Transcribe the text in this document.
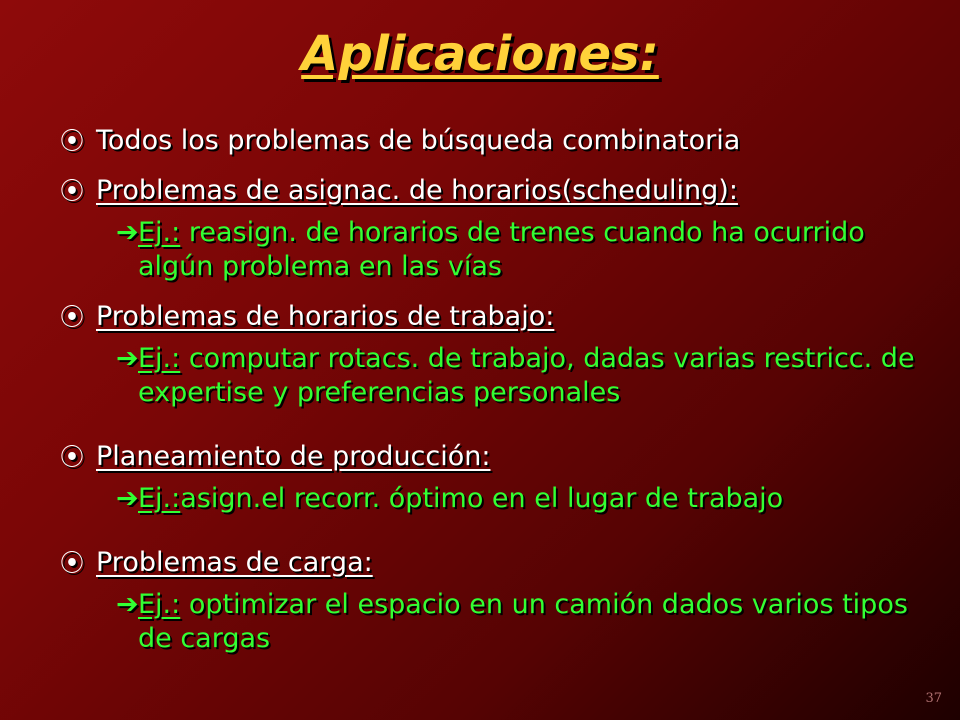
Aplicaciones:
⦿ Todos los problemas de búsqueda combinatoria
⦿ Problemas de asignac. de horarios(scheduling):
➔ Ej.: reasign. de horarios de trenes cuando ha ocurrido algún problema en las vías
⦿ Problemas de horarios de trabajo:
➔ Ej.: computar rotacs. de trabajo, dadas varias restricc. de expertise y preferencias personales
⦿ Planeamiento de producción:
➔ Ej.:asign.el recorr. óptimo en el lugar de trabajo
⦿ Problemas de carga:
➔ Ej.: optimizar el espacio en un camión dados varios tipos de cargas
37
